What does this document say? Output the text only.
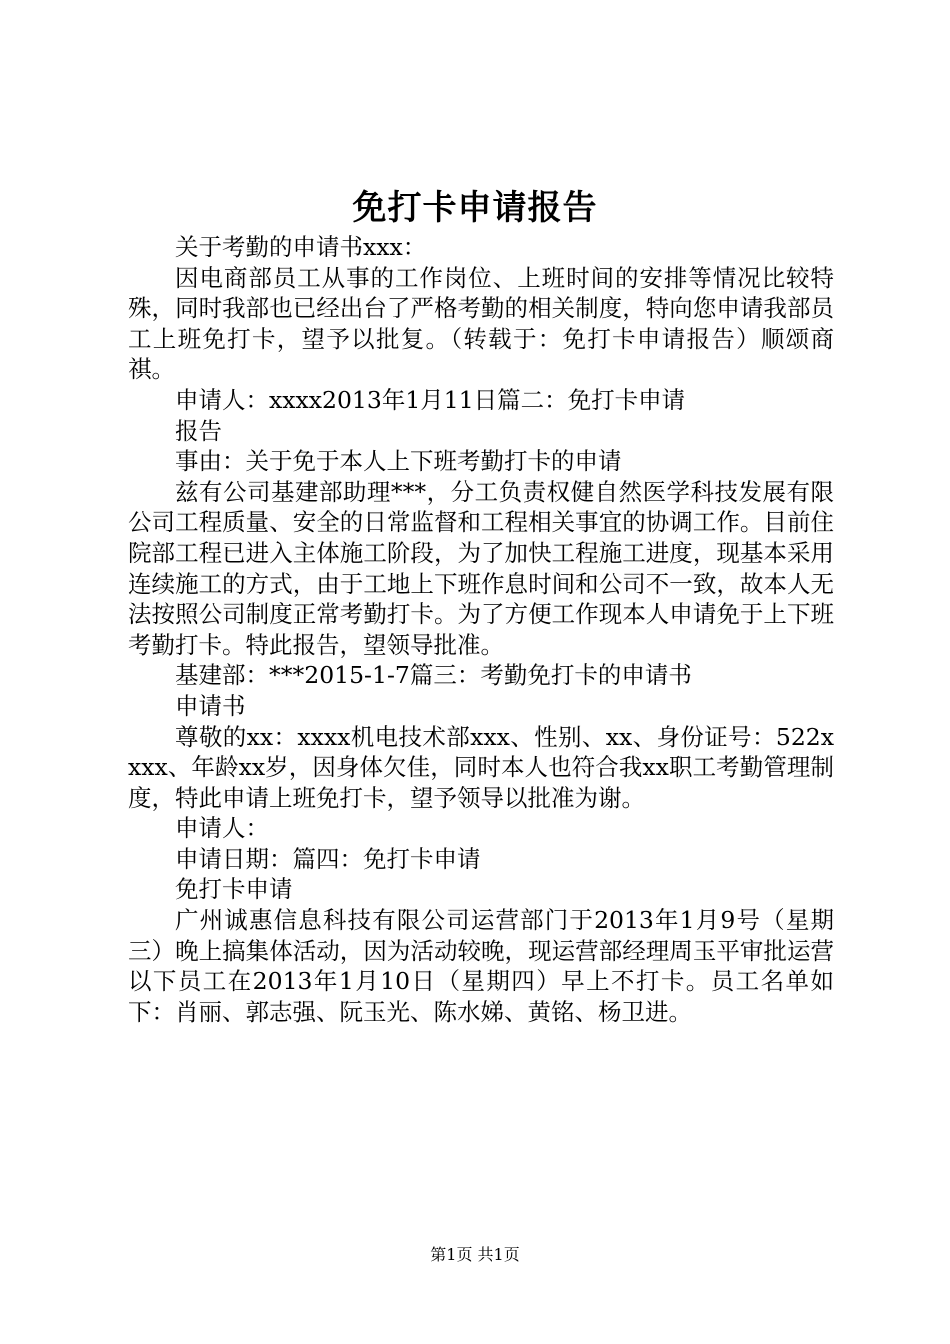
免打卡申请报告

关于考勤的申请书xxx：

因电商部员工从事的工作岗位、上班时间的安排等情况比较特殊，同时我部也已经出台了严格考勤的相关制度，特向您申请我部员工上班免打卡，望予以批复。（转载于：免打卡申请报告）顺颂商祺。

申请人：xxxx2013年1月11日篇二：免打卡申请

报告

事由：关于免于本人上下班考勤打卡的申请

兹有公司基建部助理***，分工负责权健自然医学科技发展有限公司工程质量、安全的日常监督和工程相关事宜的协调工作。目前住院部工程已进入主体施工阶段，为了加快工程施工进度，现基本采用连续施工的方式，由于工地上下班作息时间和公司不一致，故本人无法按照公司制度正常考勤打卡。为了方便工作现本人申请免于上下班考勤打卡。特此报告，望领导批准。

基建部：***2015-1-7篇三：考勤免打卡的申请书

申请书

尊敬的xx：xxxx机电技术部xxx、性别、xx、身份证号：522xxxx、年龄xx岁，因身体欠佳，同时本人也符合我xx职工考勤管理制度，特此申请上班免打卡，望予领导以批准为谢。

申请人：

申请日期：篇四：免打卡申请

免打卡申请

广州诚惠信息科技有限公司运营部门于2013年1月9号（星期三）晚上搞集体活动，因为活动较晚，现运营部经理周玉平审批运营以下员工在2013年1月10日（星期四）早上不打卡。员工名单如下：肖丽、郭志强、阮玉光、陈水娣、黄铭、杨卫进。

第1页 共1页
